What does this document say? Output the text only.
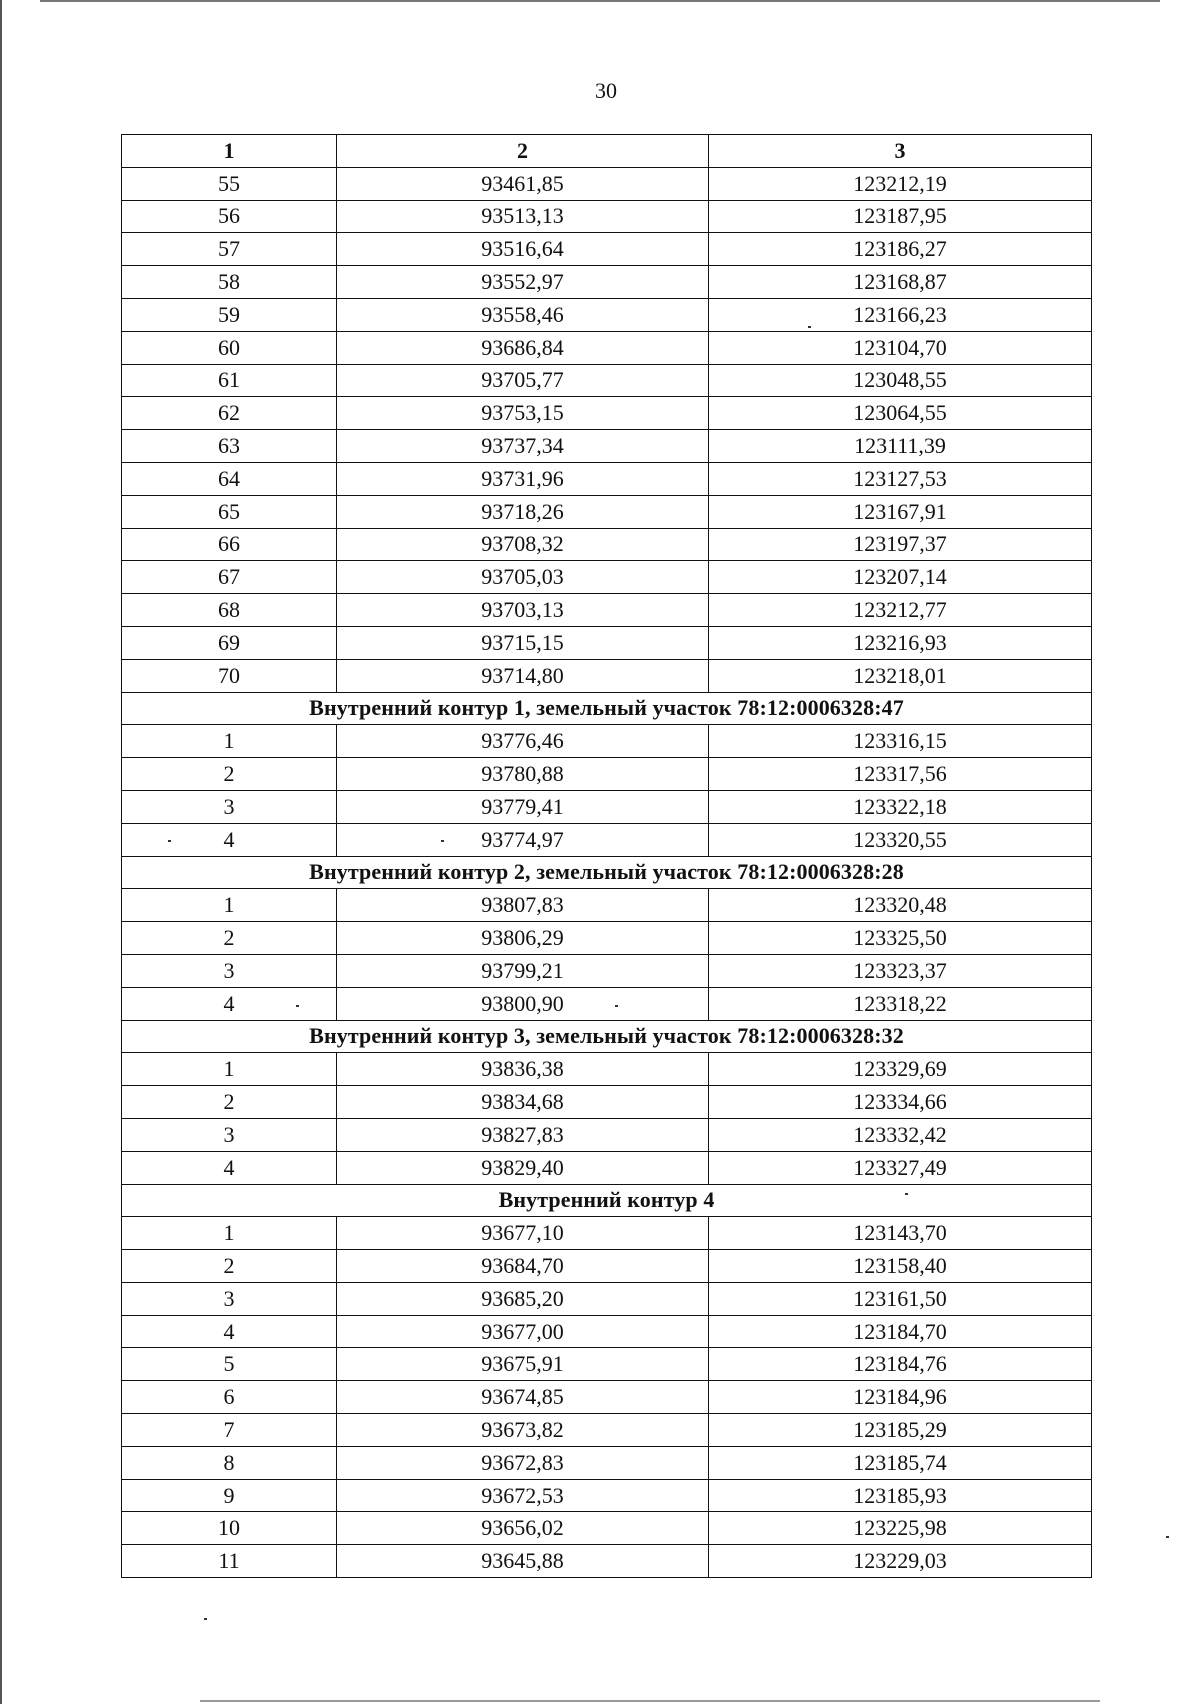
30
1	2	3
55	93461,85	123212,19
56	93513,13	123187,95
57	93516,64	123186,27
58	93552,97	123168,87
59	93558,46	123166,23
60	93686,84	123104,70
61	93705,77	123048,55
62	93753,15	123064,55
63	93737,34	123111,39
64	93731,96	123127,53
65	93718,26	123167,91
66	93708,32	123197,37
67	93705,03	123207,14
68	93703,13	123212,77
69	93715,15	123216,93
70	93714,80	123218,01
Внутренний контур 1, земельный участок 78:12:0006328:47		
1	93776,46	123316,15
2	93780,88	123317,56
3	93779,41	123322,18
4	93774,97	123320,55
Внутренний контур 2, земельный участок 78:12:0006328:28		
1	93807,83	123320,48
2	93806,29	123325,50
3	93799,21	123323,37
4	93800,90	123318,22
Внутренний контур 3, земельный участок 78:12:0006328:32		
1	93836,38	123329,69
2	93834,68	123334,66
3	93827,83	123332,42
4	93829,40	123327,49
Внутренний контур 4		
1	93677,10	123143,70
2	93684,70	123158,40
3	93685,20	123161,50
4	93677,00	123184,70
5	93675,91	123184,76
6	93674,85	123184,96
7	93673,82	123185,29
8	93672,83	123185,74
9	93672,53	123185,93
10	93656,02	123225,98
11	93645,88	123229,03
